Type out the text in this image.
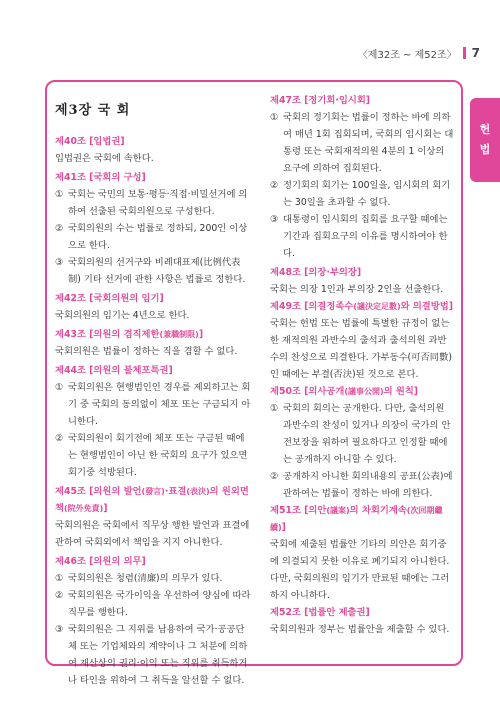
〈제32조 ~ 제52조〉 7
헌
법
제3장 국 회
제40조 [입법권]

입법권은 국회에 속한다.

제41조 [국회의 구성]
① 국회는 국민의 보통·평등·직접·비밀선거에 의하여 선출된 국회의원으로 구성한다.
② 국회의원의 수는 법률로 정하되, 200인 이상으로 한다.
③ 국회의원의 선거구와 비례대표제(比例代表制) 기타 선거에 관한 사항은 법률로 정한다.
제42조 [국회의원의 임기]

국회의원의 임기는 4년으로 한다.

제43조 [의원의 겸직제한(兼職制限)]

국회의원은 법률이 정하는 직을 겸할 수 없다.

제44조 [의원의 불체포특권]
① 국회의원은 현행범인인 경우를 제외하고는 회기 중 국회의 동의없이 체포 또는 구금되지 아니한다.
② 국회의원이 회기전에 체포 또는 구금된 때에는 현행범인이 아닌 한 국회의 요구가 있으면 회기중 석방된다.
제45조 [의원의 발언(發言)·표결(表決)의 원외면책(院外免責)]

국회의원은 국회에서 직무상 행한 발언과 표결에 관하여 국회외에서 책임을 지지 아니한다.

제46조 [의원의 의무]
① 국회의원은 청렴(清廉)의 의무가 있다.
② 국회의원은 국가이익을 우선하여 양심에 따라 직무를 행한다.
③ 국회의원은 그 지위를 남용하여 국가·공공단체 또는 기업체와의 계약이나 그 처분에 의하여 재산상의 권리·이익 또는 직위를 취득하거나 타인을 위하여 그 취득을 알선할 수 없다.
제47조 [정기회·임시회]
① 국회의 정기회는 법률이 정하는 바에 의하여 매년 1회 집회되며, 국회의 임시회는 대통령 또는 국회재적의원 4분의 1 이상의 요구에 의하여 집회된다.
② 정기회의 회기는 100일을, 임시회의 회기는 30일을 초과할 수 없다.
③ 대통령이 임시회의 집회를 요구할 때에는 기간과 집회요구의 이유를 명시하여야 한다.
제48조 [의장·부의장]

국회는 의장 1인과 부의장 2인을 선출한다.

제49조 [의결정족수(議決定足數)와 의결방법]

국회는 헌법 또는 법률에 특별한 규정이 없는 한 재적의원 과반수의 출석과 출석의원 과반수의 찬성으로 의결한다. 가부동수(可否同數)인 때에는 부결(否決)된 것으로 본다.

제50조 [의사공개(議事公開)의 원칙]
① 국회의 회의는 공개한다. 다만, 출석의원 과반수의 찬성이 있거나 의장이 국가의 안전보장을 위하여 필요하다고 인정할 때에는 공개하지 아니할 수 있다.
② 공개하지 아니한 회의내용의 공표(公表)에 관하여는 법률이 정하는 바에 의한다.
제51조 [의안(議案)의 차회기계속(次回期繼續)]

국회에 제출된 법률안 기타의 의안은 회기중에 의결되지 못한 이유로 폐기되지 아니한다. 다만, 국회의원의 임기가 만료된 때에는 그러하지 아니하다.

제52조 [법률안 제출권]

국회의원과 정부는 법률안을 제출할 수 있다.
